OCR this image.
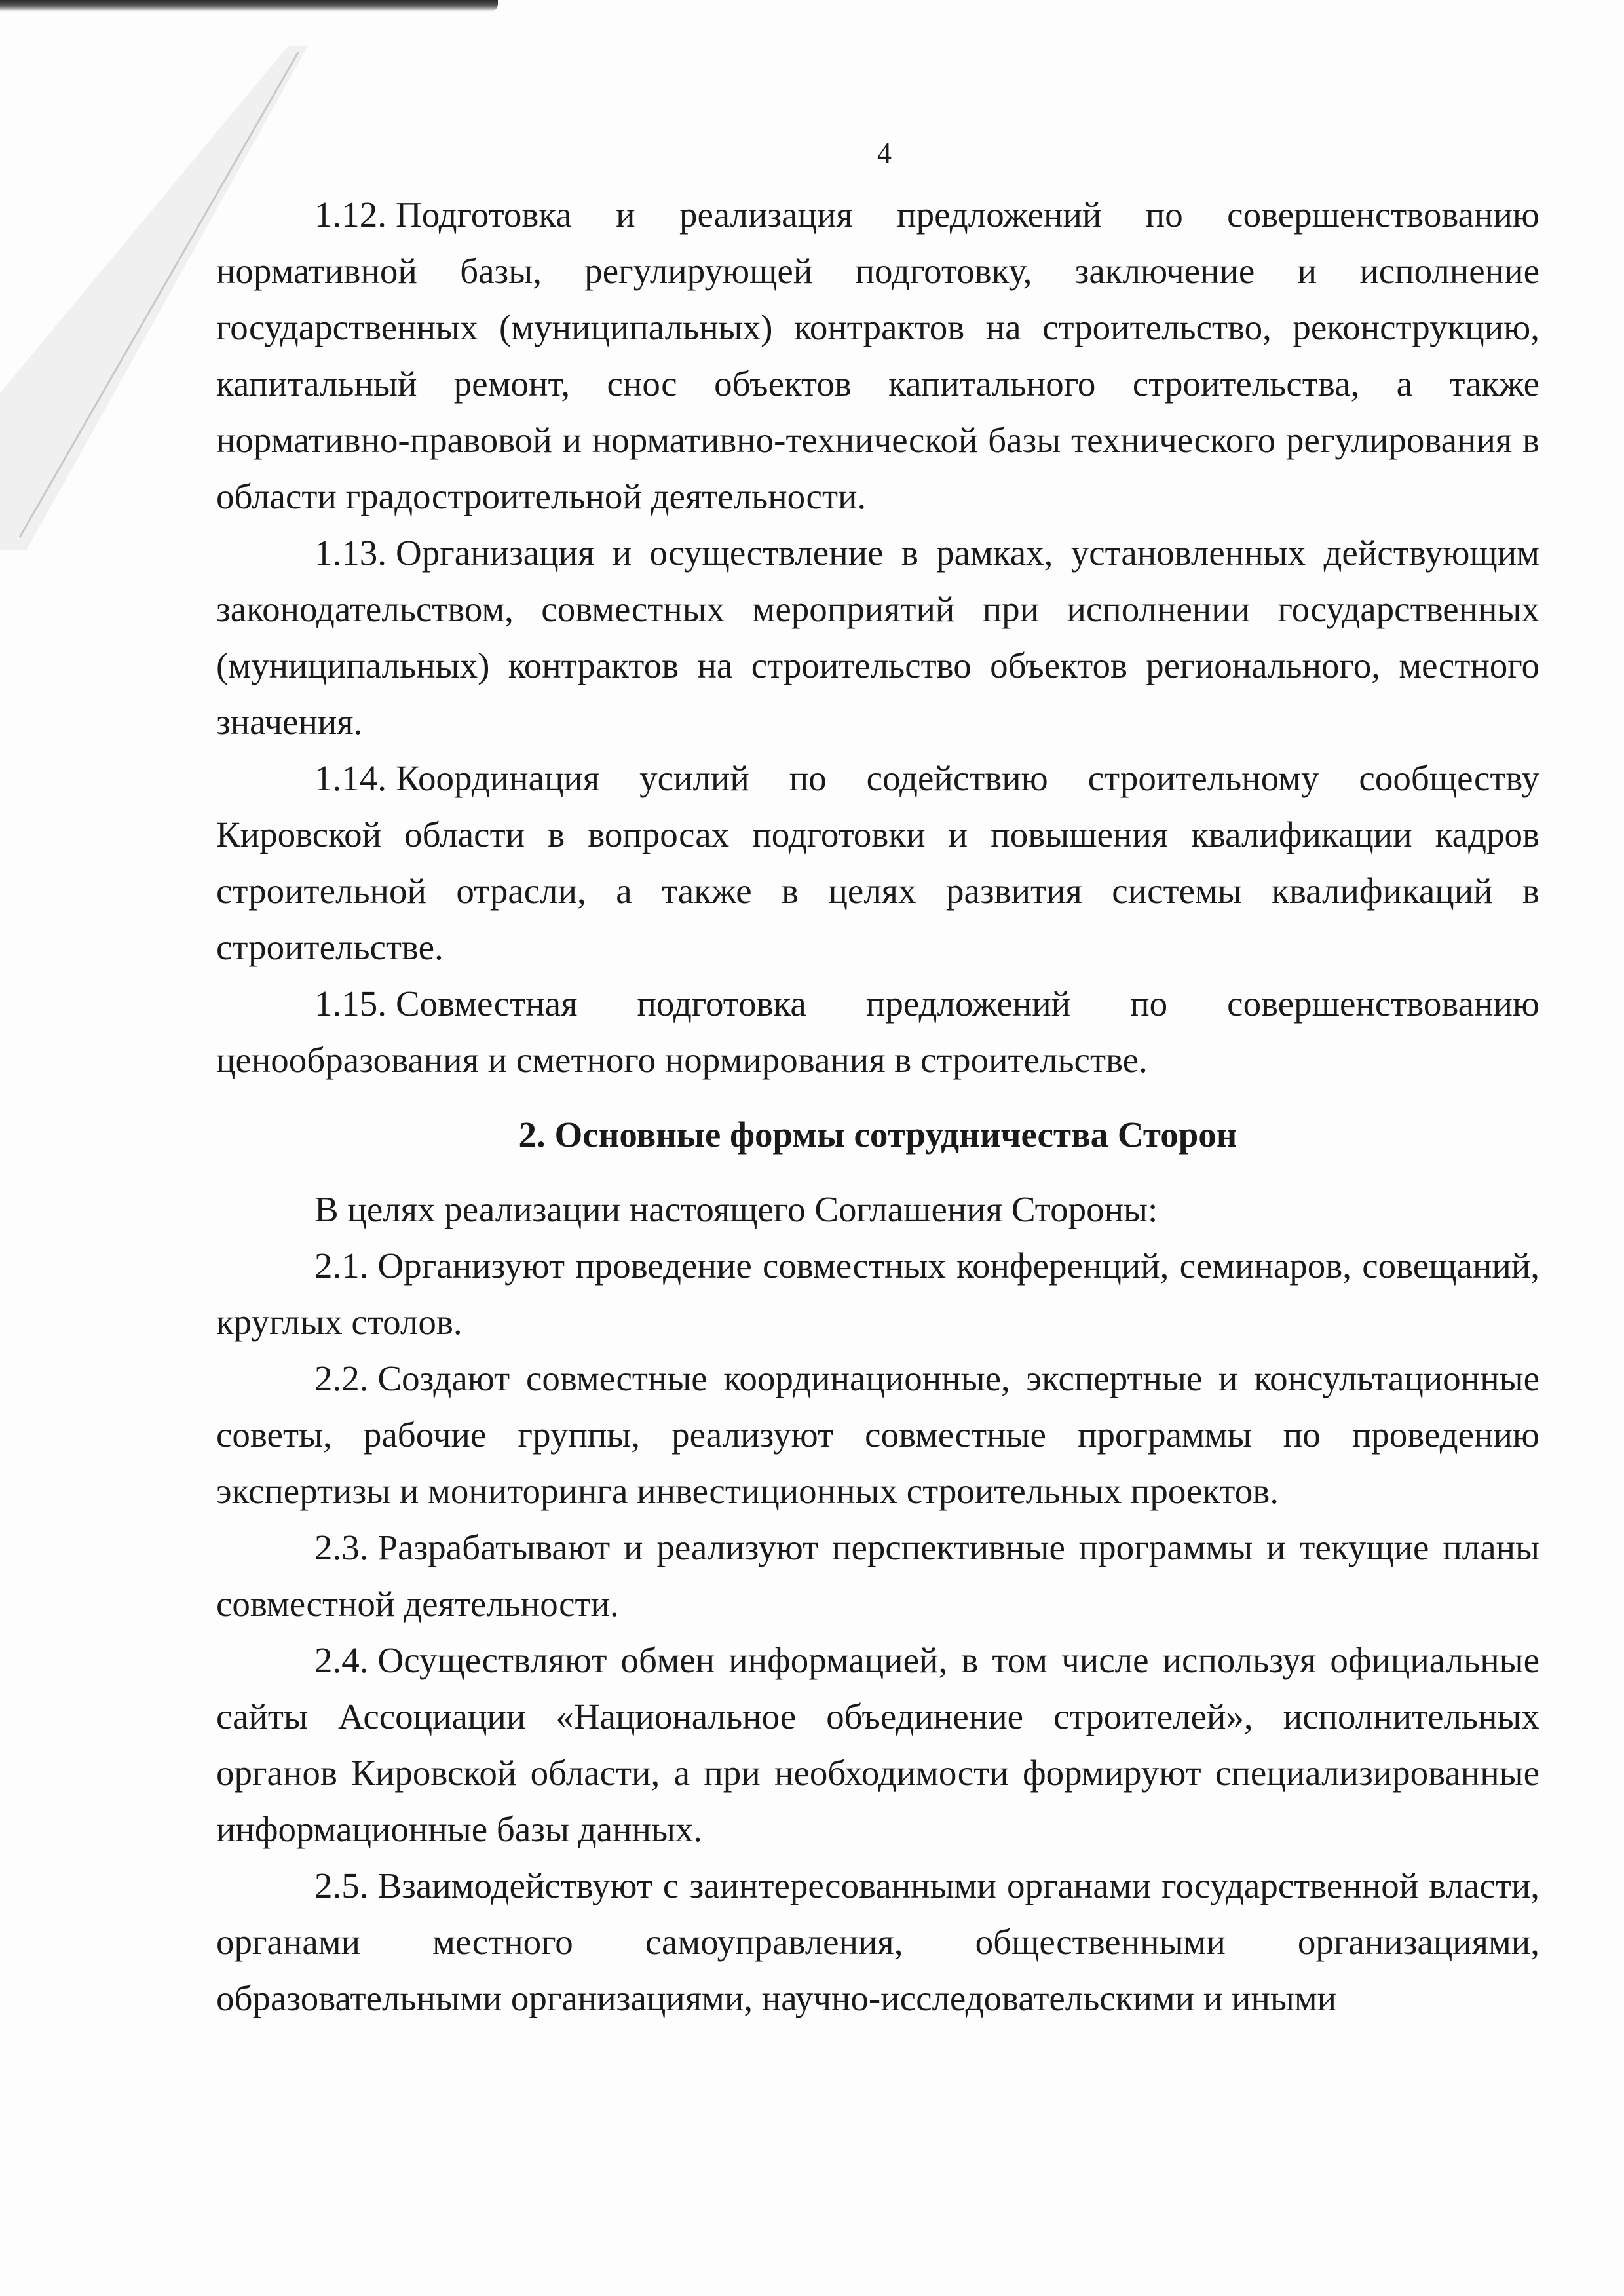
4

1.12. Подготовка и реализация предложений по совершенствованию нормативной базы, регулирующей подготовку, заключение и исполнение государственных (муниципальных) контрактов на строительство, реконструкцию, капитальный ремонт, снос объектов капитального строительства, а также нормативно-правовой и нормативно-технической базы технического регулирования в области градостроительной деятельности.

1.13. Организация и осуществление в рамках, установленных действующим законодательством, совместных мероприятий при исполнении государственных (муниципальных) контрактов на строительство объектов регионального, местного значения.

1.14. Координация усилий по содействию строительному сообществу Кировской области в вопросах подготовки и повышения квалификации кадров строительной отрасли, а также в целях развития системы квалификаций в строительстве.

1.15. Совместная подготовка предложений по совершенствованию ценообразования и сметного нормирования в строительстве.

2. Основные формы сотрудничества Сторон

В целях реализации настоящего Соглашения Стороны:

2.1. Организуют проведение совместных конференций, семинаров, совещаний, круглых столов.

2.2. Создают совместные координационные, экспертные и консультационные советы, рабочие группы, реализуют совместные программы по проведению экспертизы и мониторинга инвестиционных строительных проектов.

2.3. Разрабатывают и реализуют перспективные программы и текущие планы совместной деятельности.

2.4. Осуществляют обмен информацией, в том числе используя официальные сайты Ассоциации «Национальное объединение строителей», исполнительных органов Кировской области, а при необходимости формируют специализированные информационные базы данных.

2.5. Взаимодействуют с заинтересованными органами государственной власти, органами местного самоуправления, общественными организациями, образовательными организациями, научно-исследовательскими и иными
